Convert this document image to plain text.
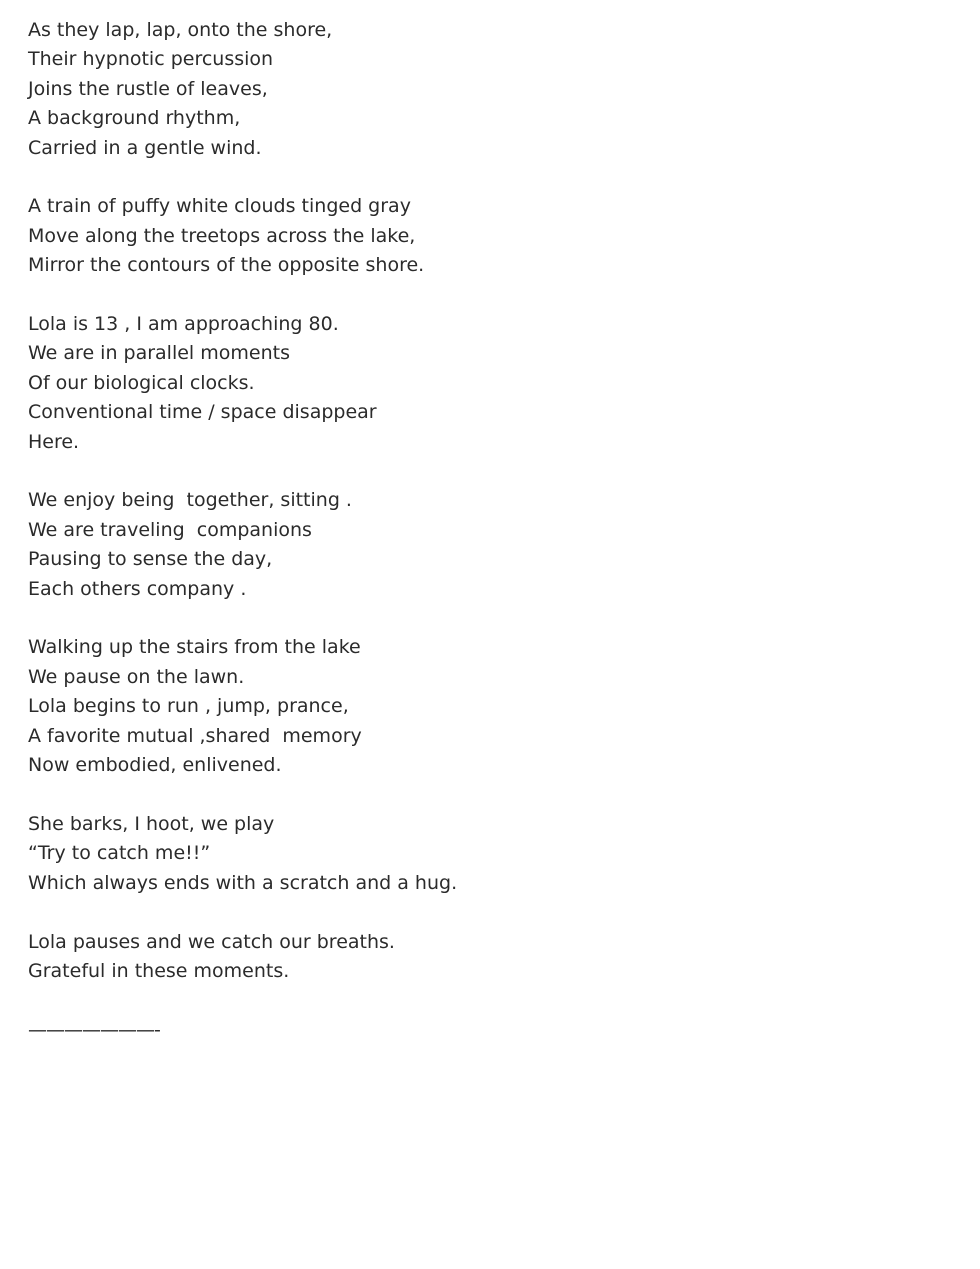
As they lap, lap, onto the shore,
Their hypnotic percussion
Joins the rustle of leaves,
A background rhythm,
Carried in a gentle wind.
A train of puffy white clouds tinged gray
Move along the treetops across the lake,
Mirror the contours of the opposite shore.
Lola is 13 , I am approaching 80.
We are in parallel moments
Of our biological clocks.
Conventional time / space disappear
Here.
We enjoy being  together, sitting .
We are traveling  companions
Pausing to sense the day,
Each others company .
Walking up the stairs from the lake
We pause on the lawn.
Lola begins to run , jump, prance,
A favorite mutual ,shared  memory
Now embodied, enlivened.
She barks, I hoot, we play
“Try to catch me!!”
Which always ends with a scratch and a hug.
Lola pauses and we catch our breaths.
Grateful in these moments.
———————-
